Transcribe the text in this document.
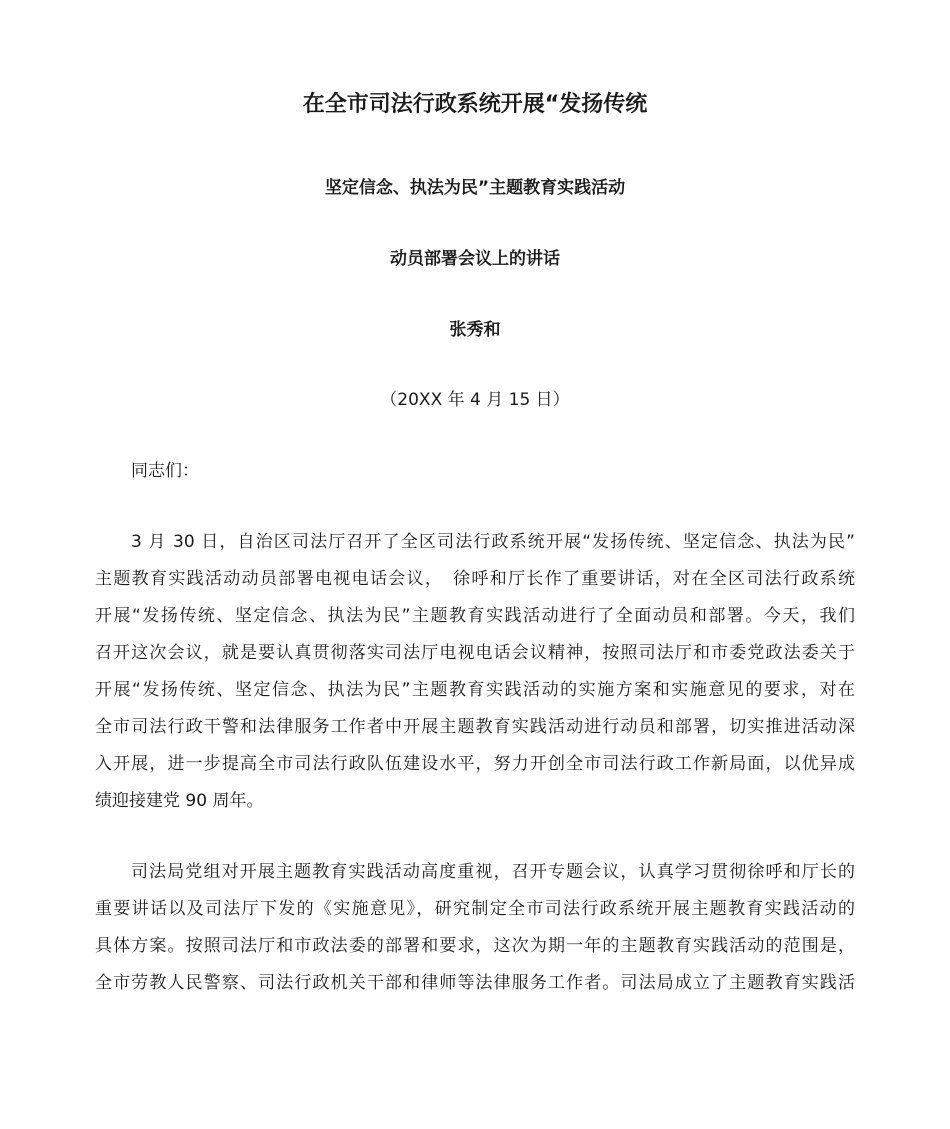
在全市司法行政系统开展“发扬传统
坚定信念、执法为民”主题教育实践活动
动员部署会议上的讲话
张秀和
（20XX 年 4 月 15 日）
同志们：
3 月 30 日，自治区司法厅召开了全区司法行政系统开展“发扬传统、坚定信念、执法为民”
主题教育实践活动动员部署电视电话会议，　徐呼和厅长作了重要讲话，对在全区司法行政系统
开展“发扬传统、坚定信念、执法为民”主题教育实践活动进行了全面动员和部署。今天，我们
召开这次会议，就是要认真贯彻落实司法厅电视电话会议精神，按照司法厅和市委党政法委关于
开展“发扬传统、坚定信念、执法为民”主题教育实践活动的实施方案和实施意见的要求，对在
全市司法行政干警和法律服务工作者中开展主题教育实践活动进行动员和部署，切实推进活动深
入开展，进一步提高全市司法行政队伍建设水平，努力开创全市司法行政工作新局面，以优异成
绩迎接建党 90 周年。
司法局党组对开展主题教育实践活动高度重视，召开专题会议，认真学习贯彻徐呼和厅长的
重要讲话以及司法厅下发的《实施意见》，研究制定全市司法行政系统开展主题教育实践活动的
具体方案。按照司法厅和市政法委的部署和要求，这次为期一年的主题教育实践活动的范围是，
全市劳教人民警察、司法行政机关干部和律师等法律服务工作者。司法局成立了主题教育实践活
